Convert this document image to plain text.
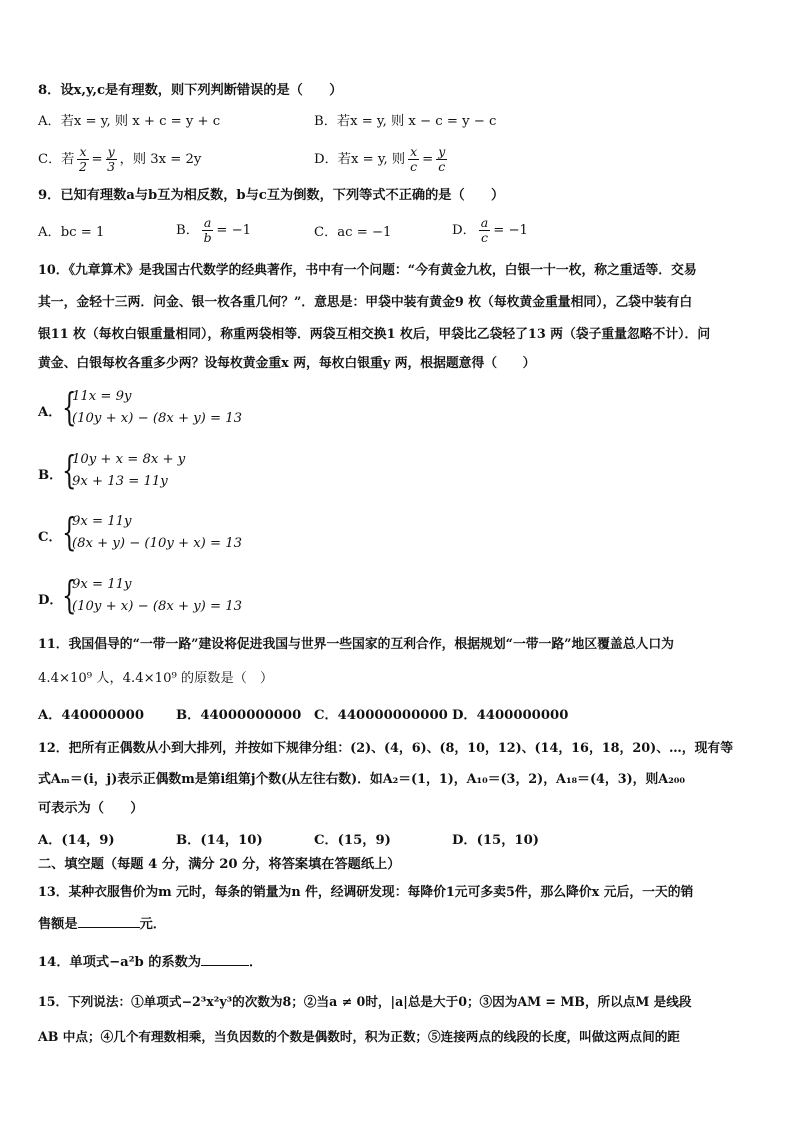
8．设x,y,c是有理数，则下列判断错误的是（　　）
A．若x = y, 则 x + c = y + c	B．若x = y, 则 x − c = y − c
C．若 $\frac{x}{2} = \frac{y}{3}$ ，则 3x = 2y	D．若x = y, 则 $\frac{x}{c} = \frac{y}{c}$
9．已知有理数a与b互为相反数，b与c互为倒数，下列等式不正确的是（　　）
A．bc = 1	B． $\frac{a}{b} = -1$	C．ac = −1	D． $\frac{a}{c} = -1$
10．《九章算术》是我国古代数学的经典著作，书中有一个问题：“今有黄金九枚，白银一十一枚，称之重适等．交易
其一，金轻十三两．问金、银一枚各重几何？”．意思是：甲袋中装有黄金9 枚（每枚黄金重量相同），乙袋中装有白
银11 枚（每枚白银重量相同），称重两袋相等．两袋互相交换1 枚后，甲袋比乙袋轻了13 两（袋子重量忽略不计）．问
黄金、白银每枚各重多少两？设每枚黄金重x 两，每枚白银重y 两，根据题意得（　　）
A． {
11x = 9y
(10y + x) − (8x + y) = 13
B． {
10y + x = 8x + y
9x + 13 = 11y
C． {
9x = 11y
(8x + y) − (10y + x) = 13
D． {
9x = 11y
(10y + x) − (8x + y) = 13
11．我国倡导的“一带一路”建设将促进我国与世界一些国家的互利合作，根据规划“一带一路”地区覆盖总人口为
4.4×10⁹ 人，4.4×10⁹ 的原数是（　）
A．440000000 B．44000000000 C．440000000000 D．4400000000
12．把所有正偶数从小到大排列，并按如下规律分组：(2)、(4，6)、(8，10，12)、(14，16，18，20)、…，现有等
式Aₘ＝(i，j)表示正偶数m是第i组第j个数(从左往右数)．如A₂＝(1，1)，A₁₀＝(3，2)，A₁₈＝(4，3)，则A₂₀₀
可表示为（　　）
A．(14，9)	B．(14，10)	C．(15，9)	D．(15，10)
二、填空题（每题 4 分，满分 20 分，将答案填在答题纸上）
13．某种衣服售价为m 元时，每条的销量为n 件，经调研发现：每降价1元可多卖5件，那么降价x 元后，一天的销
售额是	元．
14．单项式−a²b 的系数为	．
15．下列说法：①单项式−2³x²y³的次数为8；②当a ≠ 0时，|a|总是大于0；③因为AM = MB，所以点M 是线段
AB 中点；④几个有理数相乘，当负因数的个数是偶数时，积为正数；⑤连接两点的线段的长度，叫做这两点间的距
